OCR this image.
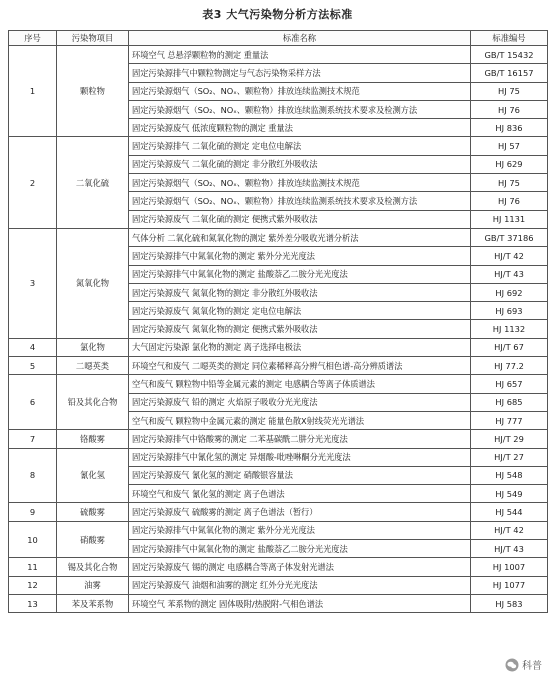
表3 大气污染物分析方法标准
序号	污染物项目	标准名称	标准编号
1	颗粒物	环境空气 总悬浮颗粒物的测定 重量法	GB/T 15432
		固定污染源排气中颗粒物测定与气态污染物采样方法	GB/T 16157
		固定污染源烟气（SO₂、NOₓ、颗粒物）排放连续监测技术规范	HJ 75
		固定污染源烟气（SO₂、NOₓ、颗粒物）排放连续监测系统技术要求及检测方法	HJ 76
		固定污染源废气 低浓度颗粒物的测定 重量法	HJ 836
2	二氧化硫	固定污染源排气 二氧化硫的测定 定电位电解法	HJ 57
		固定污染源废气 二氧化硫的测定 非分散红外吸收法	HJ 629
		固定污染源烟气（SO₂、NOₓ、颗粒物）排放连续监测技术规范	HJ 75
		固定污染源烟气（SO₂、NOₓ、颗粒物）排放连续监测系统技术要求及检测方法	HJ 76
		固定污染源废气 二氧化硫的测定 便携式紫外吸收法	HJ 1131
3	氮氧化物	气体分析 二氧化硫和氮氧化物的测定 紫外差分吸收光谱分析法	GB/T 37186
		固定污染源排气中氮氧化物的测定 紫外分光光度法	HJ/T 42
		固定污染源排气中氮氧化物的测定 盐酸萘乙二胺分光光度法	HJ/T 43
		固定污染源废气 氮氧化物的测定 非分散红外吸收法	HJ 692
		固定污染源废气 氮氧化物的测定 定电位电解法	HJ 693
		固定污染源废气 氮氧化物的测定 便携式紫外吸收法	HJ 1132
4	氯化物	大气固定污染源 氯化物的测定 离子选择电极法	HJ/T 67
5	二噁英类	环境空气和废气 二噁英类的测定 同位素稀释高分辨气相色谱-高分辨质谱法	HJ 77.2
6	铅及其化合物	空气和废气 颗粒物中铅等金属元素的测定 电感耦合等离子体质谱法	HJ 657
		固定污染源废气 铅的测定 火焰原子吸收分光光度法	HJ 685
		空气和废气 颗粒物中金属元素的测定 能量色散X射线荧光光谱法	HJ 777
7	铬酸雾	固定污染源排气中铬酸雾的测定 二苯基碳酰二肼分光光度法	HJ/T 29
8	氰化氢	固定污染源排气中氰化氢的测定 异烟酸-吡唑啉酮分光光度法	HJ/T 27
		固定污染源废气 氰化氢的测定 硝酸银容量法	HJ 548
		环境空气和废气 氰化氢的测定 离子色谱法	HJ 549
9	硫酸雾	固定污染源废气 硫酸雾的测定 离子色谱法（暂行）	HJ 544
10	硝酸雾	固定污染源排气中氮氧化物的测定 紫外分光光度法	HJ/T 42
		固定污染源排气中氮氧化物的测定 盐酸萘乙二胺分光光度法	HJ/T 43
11	锡及其化合物	固定污染源废气 锡的测定 电感耦合等离子体发射光谱法	HJ 1007
12	油雾	固定污染源废气 油烟和油雾的测定 红外分光光度法	HJ 1077
13	苯及苯系物	环境空气 苯系物的测定 固体吸附/热脱附-气相色谱法	HJ 583
科普
